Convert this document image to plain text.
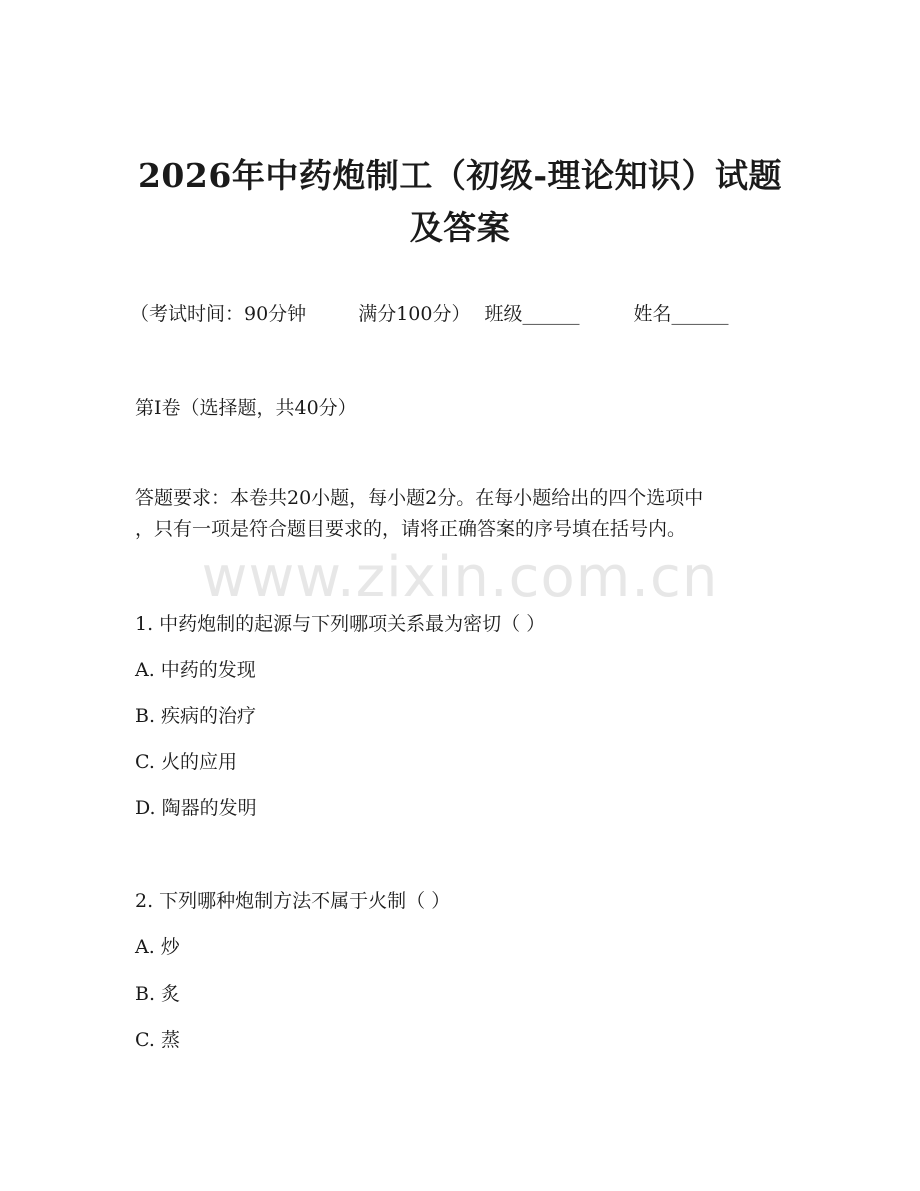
2026年中药炮制工（初级-理论知识）试题
及答案
（考试时间：90分钟	满分100分） 班级______	姓名______
第I卷（选择题，共40分）
答题要求：本卷共20小题，每小题2分。在每小题给出的四个选项中
，只有一项是符合题目要求的，请将正确答案的序号填在括号内。
www.zixin.com.cn
1. 中药炮制的起源与下列哪项关系最为密切（ ）
A. 中药的发现
B. 疾病的治疗
C. 火的应用
D. 陶器的发明
2. 下列哪种炮制方法不属于火制（ ）
A. 炒
B. 炙
C. 蒸
